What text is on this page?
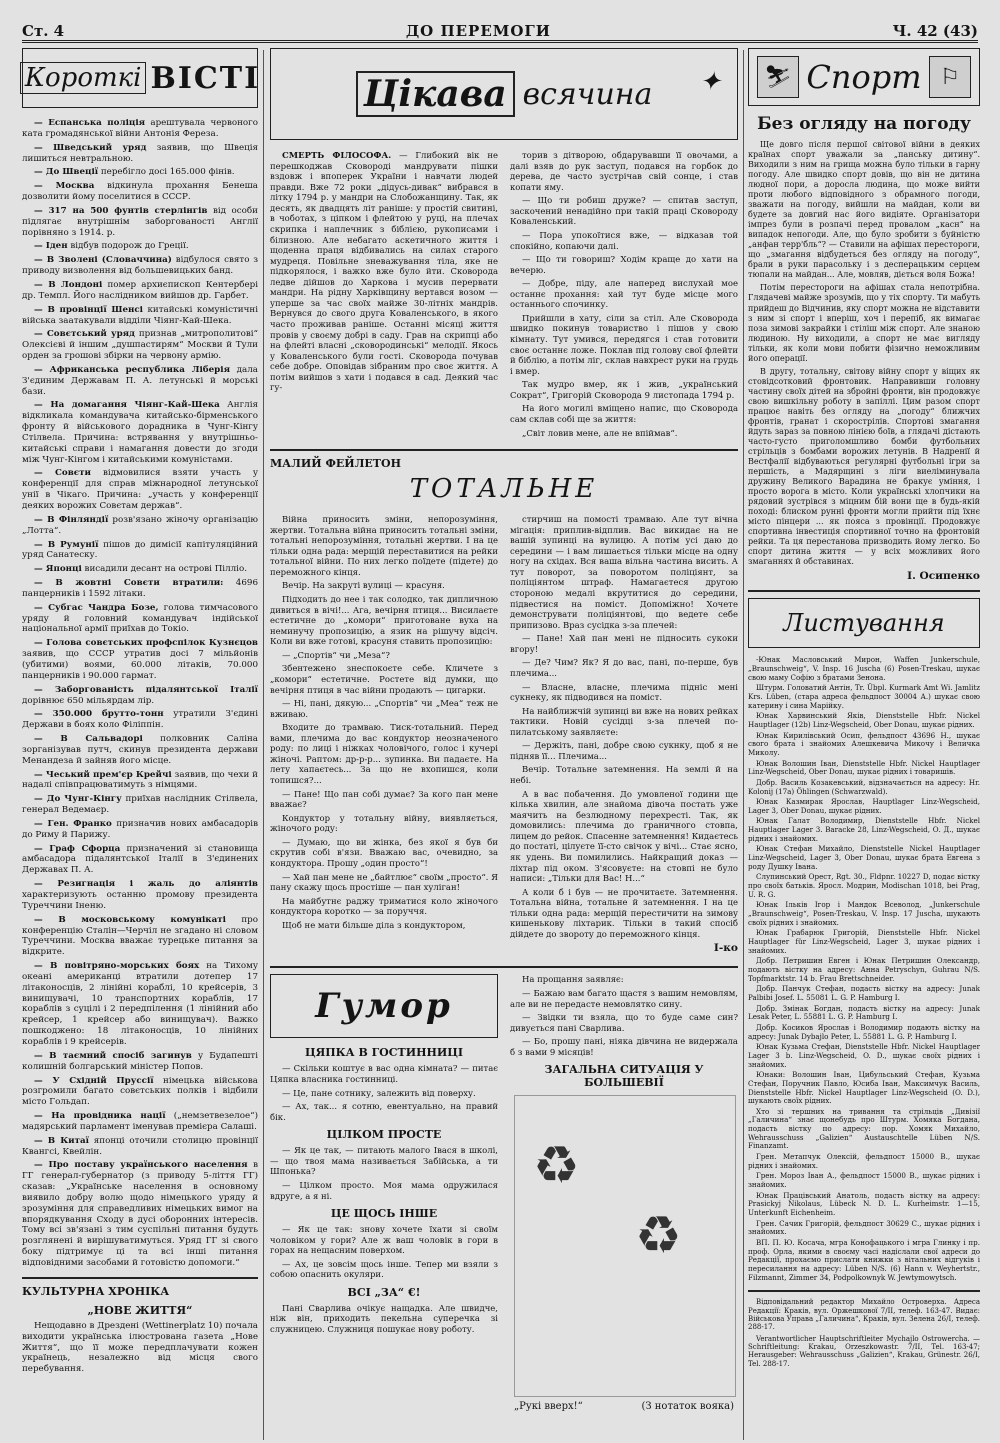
Ст. 4	ДО ПЕРЕМОГИ	Ч. 42 (43)
Короткі ВІСТІ

— Еспанська поліція арештувала червоного ката громадянської війни Антонія Фереза.

— Шведський уряд заявив, що Швеція лишиться невтральною.

— До Швеції перебігло досі 165.000 фінів.

— Москва відкинула прохання Бенеша дозволити йому поселитися в СССР.

— 317 на 500 фунтів стерлінгів від особи підлягає внутрішнім заборгованості Англії порівняно з 1914. р.

— Іден відбув подорож до Греції.

— В Зволені (Словаччина) відбулося свято з приводу визволення від большевицьких банд.

— В Лондоні помер архиєпископ Кентербері др. Темпл. Його наслідником вийшов др. Гарбет.

— В провінції Шенсі китайські комуністичні війська заатакували відділи Чіянг-Кай-Шека.

— Совєтський уряд признав „митрополитові“ Олексієві й іншим „душпастирям“ Москви й Тули орден за грошові збірки на червону армію.

— Африканська республика Ліберія дала З'єдиним Державам П. А. летунські й морські бази.

— На домагання Чіянг-Кай-Шека Англія відкликала командувача китайсько-бірменського фронту й військового дорадника в Чунг-Кінгу Стілвела. Причина: встрявання у внутрішньо-китайські справи і намагання довести до згоди між Чунг-Кінгом і китайськими комуністами.

— Совєти відмовилися взяти участь у конференції для справ міжнародної летунської унії в Чікаго. Причина: „участь у конференції деяких ворожих Совєтам держав“.

— В Фінляндії розв'язано жіночу організацію „Лотта“.

— В Румунії пішов до димісії капітуляційний уряд Санатеску.

— Японці висадили десант на острові Пілліо.

— В жовтні Совєти втратили: 4696 панцерників і 1592 літаки.

— Субгас Чандра Бозе, голова тимчасового уряду й головний командувач індійської національної армії приїхав до Токіо.

— Голова совєтських профспілок Кузнєцов заявив, що СССР утратив досі 7 мільйонів (убитими) воями, 60.000 літаків, 70.000 панцерників і 90.000 гармат.

— Заборгованість підалянтської Італії дорівнює 650 мільярдам лір.

— 350.000 брутто-тонн утратили З'єдині Держави в боях коло Філіппін.

— В Сальвадорі полковник Саліна зорганізував путч, скинув президента держави Менандеза й зайняв його місце.

— Чеський прем'єр Крейчі заявив, що чехи й надалі співпрацюватимуть з німцями.

— До Чунг-Кінгу приїхав наслідник Стілвела, генерал Ведемаєр.

— Ген. Франко призначив нових амбасадорів до Риму й Парижу.

— Граф Сфорца призначений зі становища амбасадора підалянтської Італії в З'єдинених Державах П. А.

— Резигнація і жаль до аліянтів характеризують останню промову президента Туреччини Іненю.

— В московському комунікаті про конференцію Сталін—Черчіл не згадано ні словом Туреччини. Москва вважає турецьке питання за відкрите.

— В повітряно-морських боях на Тихому океані американці втратили дотепер 17 літаконосців, 2 лінійні кораблі, 10 крейсерів, 3 винищувачі, 10 транспортних кораблів, 17 кораблів з суцілі і 2 передпілення (1 лінійний або крейсер, 1 крейсер або винищувач). Важко пошкоджено: 18 літаконосців, 10 лінійних кораблів і 9 крейсерів.

— В таємний спосіб загинув у Будапешті колишній болгарський міністер Попов.

— У Східній Пруссії німецька військова розгромили багато совєтських полків і відбили місто Гольдап.

— На провідника нації („немзетвезелое“) мадярський парламент іменував премієра Салаші.

— В Китаї японці оточили столицю провінції Квангсі, Квейлін.

— Про поставу українського населення в ГГ генерал-губернатор (з приводу 5-ліття ГГ) сказав: „Українське населення в основному виявило добру волю щодо німецького уряду й зрозуміння для справедливих німецьких вимог на впорядкування Сходу в дусі оборонних інтересів. Тому всі зв'язані з тим суспільні питання будуть розглянені й вирішуватимуться. Уряд ГГ зі свого боку підтримує ці та всі інші питання відповідними засобами й готовістю допомоги.“

КУЛЬТУРНА ХРОНІКА
„НОВЕ ЖИТТЯ“

Нещодавно в Дрездені (Wettinerplatz 10) почала виходити українська ілюстрована газета „Нове Життя“, що її може передплачувати кожен українець, незалежно від місця свого перебування.

Цікава всячина ✦

СМЕРТЬ ФІЛОСОФА. — Глибокий вік не перешкоджав Сковороді мандрувати пішки вздовж і впоперек України і навчати людей правди. Вже 72 роки „дідусь-дивак“ вибрався в літку 1794 р. у мандри на Слобожанщину. Так, як десять, як двадцять літ раніше: у простій свитині, в чоботах, з ціпком і флейтою у руці, на плечах скрипка і наплечник з біблією, рукописами і білизною. Але небагато аскетичного життя і щоденна праця відбивались на силах старого мудреця. Повільне зневажування тіла, яке не підкорялося, і важко вже було йти. Сковорода ледве дійшов до Харкова і мусив перервати мандри. На рідну Харківщину вертався возом — уперше за час своїх майже 30-літніх мандрів. Вернувся до свого друга Коваленського, в якого часто проживав раніше. Останні місяці життя провів у своєму добрі в саду. Грав на скрипці або на флейті власні „сковородинські“ мелодії. Якось у Коваленського були гості. Сковорода почував себе добре. Оповідав зібраним про своє життя. А потім вийшов з хати і подався в сад. Деякий час гу-

торив з дітворою, обдарувавши її овочами, а далі взяв до рук заступ, подався на горбок до дерева, де часто зустрічав свій сонце, і став копати яму.

— Що ти робиш друже? — спитав заступ, заскочений ненадійно при такій праці Сковороду Коваленський.

— Пора упокоїтися вже, — відказав той спокійно, копаючи далі.

— Що ти говориш? Ходім краще до хати на вечерю.

— Добре, піду, але наперед вислухай мое останнє прохання: хай тут буде місце мого останнього спочинку.

Прийшли в хату, сіли за стіл. Але Сковорода швидко покинув товариство і пішов у свою кімнату. Тут умився, передягся і став готовити своє останнє ложе. Поклав під голову свої флейти й біблію, а потім ліг, склав навхрест руки на грудь і вмер.

Так мудро вмер, як і жив, „український Сократ“, Григорій Сковорода 9 листопада 1794 р.

На його могилі вміщено напис, що Сковорода сам склав собі ще за життя:

„Світ ловив мене, але не впіймав“.

МАЛИЙ ФЕЙЛЕТОН
ТОТАЛЬНЕ

Війна приносить зміни, непорозуміння, жертви. Тотальна війна приносить тотальні зміни, тотальні непорозуміння, тотальні жертви. І на це тільки одна рада: мерщій переставитися на рейки тотальної війни. По них легко поїдете (підете) до переможного кінця.

Вечір. На закруті вулиці — красуня.

Підходить до нее і так солодко, так дипличною дивиться в вічі!... Ага, вечірня птиця... Висилаєте естетичне до „комори“ приготоване вуха на неминучу пропозицію, а язик на рішучу відсіч. Коли ви вже готові, красуня ставить пропозицію:

— „Спортів“ чи „Меза“?

Збентежено знеспокоєте себе. Кличете з „комори“ естетичне. Ростете від думки, що вечірня птиця в час війни продають — цигарки.

— Ні, пані, дякую... „Спортів“ чи „Меа“ теж не вживаю.

Входите до трамваю. Тиск-тотальний. Перед вами, плечима до вас кондуктор неозначеного роду: по лиці і ніжках чоловічого, голос і кучері жіночі. Раптом: др-р-р... зупинка. Ви падаєте. На лету хапаєтесь... За що не вхопишся, коли топишся?...

— Пане! Що пан собі думає? За кого пан мене вважає?

Кондуктор у тотальну війну, виявляється, жіночого роду:

— Думаю, що ви жінка, без якої я був би скрутив собі в'язи. Вважаю вас, очевидно, за кондуктора. Прошу „один простo“!

— Хай пан мене не „байтлює“ своїм „простo“. Я пану скажу щось простіше — пан хуліган!

На майбутнє раджу триматися коло жіночого кондуктора коротко — за поруччя.

Щоб не мати більше діла з кондуктором,

стирчиш на помості трамваю. Але тут вічна мігація: приплив-відплив. Вас викидає на не вашій зупинці на вулицю. А потім усі даю до середини — і вам лишається тільки місце на одну ногу на східах. Вся ваша вільна частина висить. А тут поворот, за поворотом поліціянт, за поліціянтом штраф. Намагаєтеся другою стороною медалі вкрутитися до середини, підвестися на поміст. Допоміжно! Хочете демонструвати поліціянтові, що ведете себе припизово. Враз сусідка з-за плечей:

— Пане! Хай пан мені не підносить сукоки вгору!

— Де? Чим? Як? Я до вас, пані, по-перше, був плечима...

— Власне, власне, плечима підніс мені сукнеку, як підводився на поміст.

На найближчій зупинці ви вже на нових рейках тактики. Новій сусідці з-за плечей по-пилатському заявляєте:

— Держіть, пані, добре свою сукнку, щоб я не підняв її... Плечима...

Вечір. Тотальне затемнення. На землі й на небі.

А в вас побачення. До умовленої години ще кілька хвилин, але знайома дівоча постать уже маячить на безлюдному перехресті. Так, як домовились: плечима до граничного стовпа, лицем до рейок. Спасенне затемнення! Кидаєтесь до постаті, цілуєте її-сто свічок у вічі... Стає ясно, як удень. Ви помилились. Найкращий доказ — ліхтар під оком. З'ясовуєте: на стовпі не було написи: „Тільки для Вас! Н...“

А коли б і був — не прочитаєте. Затемнення. Тотальна війна, тотальне й затемнення. І на це тільки одна рада: мерщій перестичити на зимову кишенькову ліхтарик. Тільки в такий спосіб дійдете до звороту до переможного кінця.

І-ко
Гумор
ЦЯПКА В ГОСТИННИЦІ

— Скільки коштує в вас одна кімната? — питає Цяпка власника гостинниці.

— Це, пане сотнику, залежить від поверху.

— Ах, так... я сотню, евентуально, на правий бік.

ЦІЛКОМ ПРОСТЕ

— Як це так, — питають малого Івася в школі, — що твоя мама називається Забійська, а ти Шпонька?

— Цілком просто. Моя мама одружилася вдруге, а я ні.

ЦЕ ЩОСЬ ІНШЕ

— Як це так: знову хочете їхати зі своїм чоловіком у гори? Але ж ваш чоловік в гори в горах на нещасним поверхом.

— Ах, це зовсім щось інше. Тепер ми взяли з собою опаснить окуляри.

ВСІ „ЗА“ €!

Пані Сварлива очікує нащадка. Але швидче, ніж він, приходить пекельна суперечка зі служницею. Служниця пошукає нову роботу.

На прощання заявляє:

— Бажаю вам багато щастя з вашим немовлям, але ви не передасте немовлятко сину.

— Звідки ти взяла, що то буде саме син? дивується пані Сварлива.

— Бо, прошу пані, ніяка дівчина не видержала б з вами 9 місяців!

ЗАГАЛЬНА СИТУАЦІЯ У БОЛЬШЕВІЇ
♻
♻
„Рукі вверх!“	(З нотаток вояка)
⛷ Спорт ⚐
Без огляду на погоду

Ще довго після першої світової війни в деяких країнах спорт уважали за „панську дитину“. Виходили з ним на грища можна було тільки в гарну погоду. Але швидко спорт довів, що він не дитина людної пори, а доросла людина, що може вийти проти любого відповідного з обрамного погоди, зважати на погоду, вийшли на майдан, коли ви будете за довгий нас його видіяте. Організатори імпрез були в розпачі перед провалом „касн“ на випадок непогоди. Але, що було зробити з буйністю „анфан терр'бль“? — Ставили на афішах перестороги, що „змагання відбудеться без огляду на погоду“, брали в руки парасольку і з десперацьким серцем тюпали на майдан... Але, мовляв, діється воля Божа!

Потім перестороги на афішах стала непотрібна. Глядачеві майже зрозумів, що у тіх спорту. Ти мабуть прийдеш до Відчинив, яку спорт можна не відставити з ним зі спорт і вперіш, хоч і перепіб, як вимагає поза зимові закрайки і стіліш між спорт. Але знаною людиною. Ну виходили, а спорт не має вигляду тільки, як коли мови побити фізично неможливим його операції.

В другу, тотальну, світову війну спорт у віщих як стовідсотковий фронтовик. Направивши головну частину своїх дітей на збройні фронти, він продовжує свою вишкільну роботу в запіллі. Цим разом спорт працює навіть без огляду на „погоду“ ближчих фронтів, гранат і скорострілів. Спортові змагання йдуть зараз за повною лінією боїв, а глядачі дістають часто-густо приголомшливо бомби футбольних стрільців з бомбами ворожих летунів. В Надренії й Вестфалії відбуваються регулярні футбольні ігри за першість, а Мадярщині з ліги виеліминувала дружину Великого Варадина не бракує уміння, і просто ворога в місто. Коли українські хлопчики на рядовий зустрівся з міцним бій вони ще в будь-якій поході: блиском рунні фронти могли прийти під їхнє місто пінцери ... як пояса з провінції. Продовжує спортивна інвестиція спортивної точно на фронтовій рейки. Та ця перестанова призводить йому легко. Бо спорт дитина життя — у всіх можливих його змаганнях й обставинах.

І. Осипенко
Листування

-Юнак Масловський Мирон, Waffen Junkerschule, „Braunschweig“, V. Insp. 16 Juscha (6) Posen-Treskau, шукає свою маму Софію з братами Зенона.

Штурм. Головатий Антін, Tr. Übpl. Kurmark Amt Wi. Jamlitz Krs. Lüben, (стара адреса фельдпост 30004 А.) шукає свою катерину і сина Марійку.

Юнак Харвинський Яків, Dienststelle Hbfr. Nickel Hauptlager (12b) Linz-Wegscheid, Ober Donau, шукає рідних.

Юнак Кирилівський Осип, фельдпост 43696 Н., шукає свого брата і знайомих Алешкевича Микочу і Величка Миколу.

Юнак Волошин Іван, Dienststelle Hbfr. Nickel Hauptlager Linz-Wegscheid, Ober Donau, шукає рідних і товаришів.

Добр. Василь Козакевський, відзначається на адресу: Hr. Kolonij (17a) Öhlingen (Schwarzwald).

Юнак Казмирак Ярослав, Hauptlager Linz-Wegscheid, Lager 3, Ober Donau, шукає рідних.

Юнак Галат Володимир, Dienststelle Hbfr. Nickel Hauptlager Lager 3. Baracke 28, Linz-Wegscheid, О. Д., шукає рідних і знайомих.

Юнак Стефан Михайло, Dienststelle Nickel Hauptlager Linz-Wegscheid, Lager 3, Ober Donau, шукає брата Евгена з роду Душку Івана.

Слупинський Орест, Rgt. 30., Fldpnr. 10227 D, подає вістку про своїх батьків. Яросл. Модрин, Modischan 1018, bei Prag, U. R. G.

Юнак Ільків Ігор і Мандок Всеволод, „Junkerschule „Braunschweig“, Posen-Treskau, V. Insp. 17 Juscha, шукають своїх рідних і знайомих.

Юнак Грабарюк Григорій, Dienststelle Hbfr. Nickel Hauptlager für Linz-Wegscheid, Lager 3, шукає рідних і знайомих.

Добр. Петришин Евген і Юнак Петришин Олександр, подають вістку на адресу: Анна Petryschyn, Guhrau N/S. Topfmarktstr. 14 b. Frau Brettschneider.

Добр. Панчук Стефан, подасть вістку на адресу: Junak Palbibi Josef. L. 55081 L. G. P. Hamburg I.

Добр. Змінак Богдан, подасть вістку на адресу: Junak Lesak Peter, L. 55881 L. G. P. Hamburg I.

Добр. Косиков Ярослав і Володимир подають вістку на адресу: Junak Dybajlo Peter, L. 55881 L. G. P. Hamburg I.

Юнак Кузьма Стефан, Dienststelle Hbfr. Nickel Hauptlager Lager 3 b. Linz-Wegscheid, O. D., шукає своїх рідних і знайомих.

Юнаки: Волошин Іван, Цибульський Стефан, Кузьма Стефан, Поручник Павло, Юсиба Іван, Максимчук Василь, Dienststelle Hbfr. Nickel Hauptlager Linz-Wegscheid (O. D.), шукають своїх рідних.

Хто зі тершних на тривання та стрільців „Дивізії „Галичина“ знає щонебудь про Штурм. Хомяка Богдана, подасть вістку по адресу: пор. Хомяк Михайло, Wehrausschuss „Galizien“ Austauschtelle Lüben N/S. Finanzamt.

Грен. Метапчук Олексій, фельдпост 15000 В., шукає рідних і знайомих.

Грен. Мороз Іван А., фельдпост 15000 В., шукає рідних і знайомих.

Юнак Працівський Анатоль, подасть вістку на адресу: Prasickyj Nikolaus, Lübeck N. D. L. Kurheimstr. 1—15, Unterkunft Eichenheim.

Грен. Сачик Григорій, фельдпост 30629 С., шукає рідних і знайомих.

ВП. П. Ю. Косача, мгра Конофацького і мгра Глинку і пр. проф. Орла, якими в своєму часі надіслали свої адреси до Редакції, прохаємо прислати книжки з вітальних відгуків і пересилання на адресу: Lüben N/S. (6) Hann v. Weyhertstr., Filzmannt, Zimmer 34, Podpolkownyk W. Jewtymowytsch.

Відповідальний редактор Михайло Островерха. Адреса Редакції: Краків, вул. Оржешкової 7/II, телеф. 163-47. Видає: Військова Управа „Галичина“, Краків, вул. Зелена 26/I, телеф. 288-17.

Verantwortlicher Hauptschriftleiter Mychajlo Ostrowercha. — Schriftleitung: Krakau, Orzeszkowastr. 7/II, Tel. 163-47; Herausgeber: Wehrausschuss „Galizien“, Krakau, Grünestr. 26/I, Tel. 288-17.
